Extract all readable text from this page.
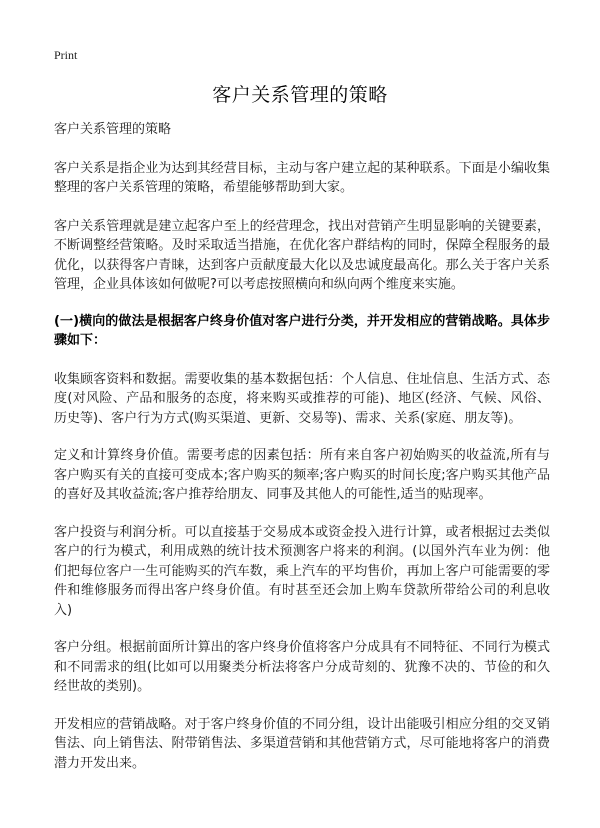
Print
客户关系管理的策略

客户关系管理的策略

客户关系是指企业为达到其经营目标，主动与客户建立起的某种联系。下面是小编收集整理的客户关系管理的策略，希望能够帮助到大家。

客户关系管理就是建立起客户至上的经营理念，找出对营销产生明显影响的关键要素，不断调整经营策略。及时采取适当措施，在优化客户群结构的同时，保障全程服务的最优化，以获得客户青睐，达到客户贡献度最大化以及忠诚度最高化。那么关于客户关系管理，企业具体该如何做呢?可以考虑按照横向和纵向两个维度来实施。

(一)横向的做法是根据客户终身价值对客户进行分类，并开发相应的营销战略。具体步骤如下：

收集顾客资料和数据。需要收集的基本数据包括：个人信息、住址信息、生活方式、态度(对风险、产品和服务的态度，将来购买或推荐的可能)、地区(经济、气候、风俗、历史等)、客户行为方式(购买渠道、更新、交易等)、需求、关系(家庭、朋友等)。

定义和计算终身价值。需要考虑的因素包括：所有来自客户初始购买的收益流,所有与客户购买有关的直接可变成本;客户购买的频率;客户购买的时间长度;客户购买其他产品的喜好及其收益流;客户推荐给朋友、同事及其他人的可能性,适当的贴现率。

客户投资与利润分析。可以直接基于交易成本或资金投入进行计算，或者根据过去类似客户的行为模式，利用成熟的统计技术预测客户将来的利润。(以国外汽车业为例：他们把每位客户一生可能购买的汽车数，乘上汽车的平均售价，再加上客户可能需要的零件和维修服务而得出客户终身价值。有时甚至还会加上购车贷款所带给公司的利息收入)

客户分组。根据前面所计算出的客户终身价值将客户分成具有不同特征、不同行为模式和不同需求的组(比如可以用聚类分析法将客户分成苛刻的、犹豫不决的、节俭的和久经世故的类别)。

开发相应的营销战略。对于客户终身价值的不同分组，设计出能吸引相应分组的交叉销售法、向上销售法、附带销售法、多渠道营销和其他营销方式，尽可能地将客户的消费潜力开发出来。
